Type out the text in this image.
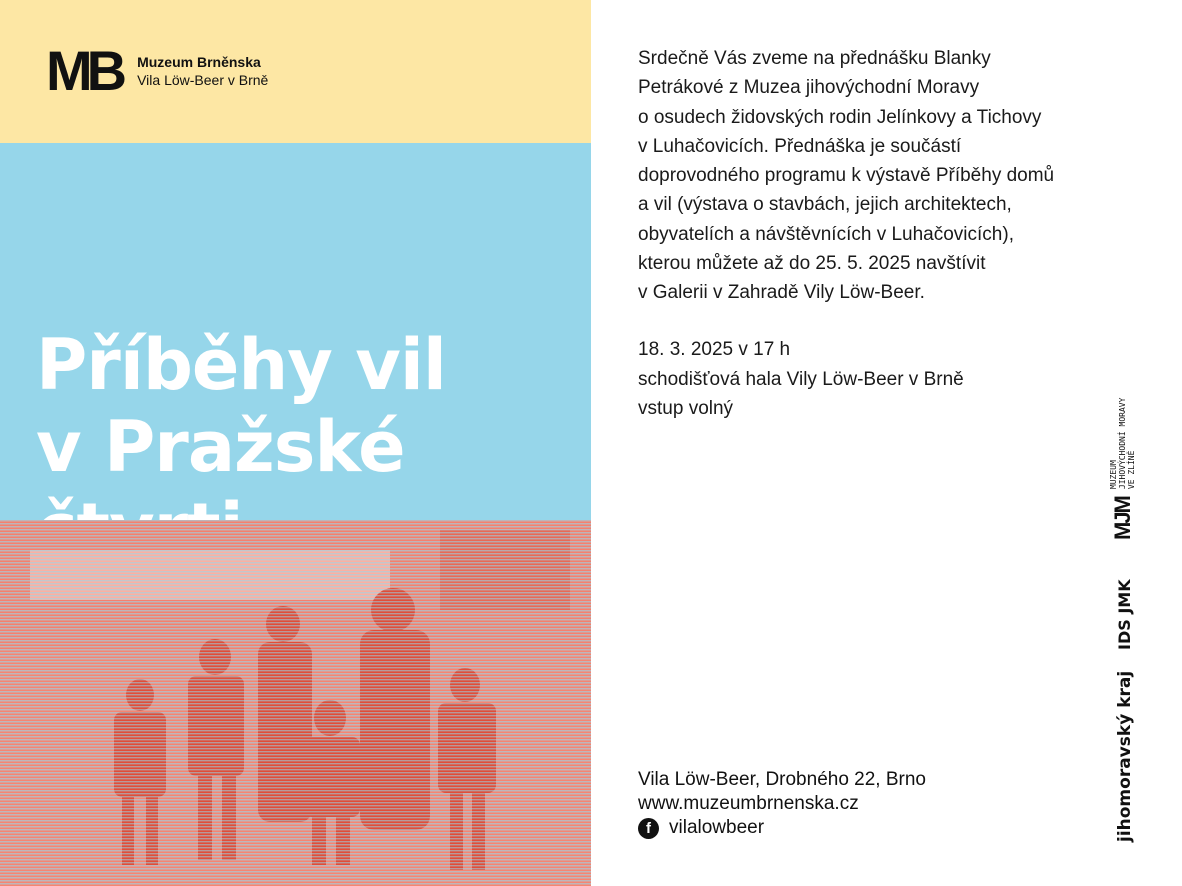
MB Muzeum Brněnska
Vila Löw-Beer v Brně
Příběhy vil
v Pražské

Srdečně Vás zveme na přednášku Blanky

Petrákové z Muzea jihovýchodní Moravy

o osudech židovských rodin Jelínkovy a Tichovy

v Luhačovicích. Přednáška je součástí

doprovodného programu k výstavě Příběhy domů

a vil (výstava o stavbách, jejich architektech,

obyvatelích a návštěvnících v Luhačovicích),

kterou můžete až do 25. 5. 2025 navštívit

v Galerii v Zahradě Vily Löw-Beer.

18. 3. 2025 v 17 h

schodišťová hala Vily Löw-Beer v Brně

vstup volný

Vila Löw-Beer, Drobného 22, Brno

www.muzeumbrnenska.cz

f vilalowbeer
MJM
MUZEUM JIHOVÝCHODNÍ MORAVY VE ZLÍNĚ
IDS JMK
jihomoravský kraj
